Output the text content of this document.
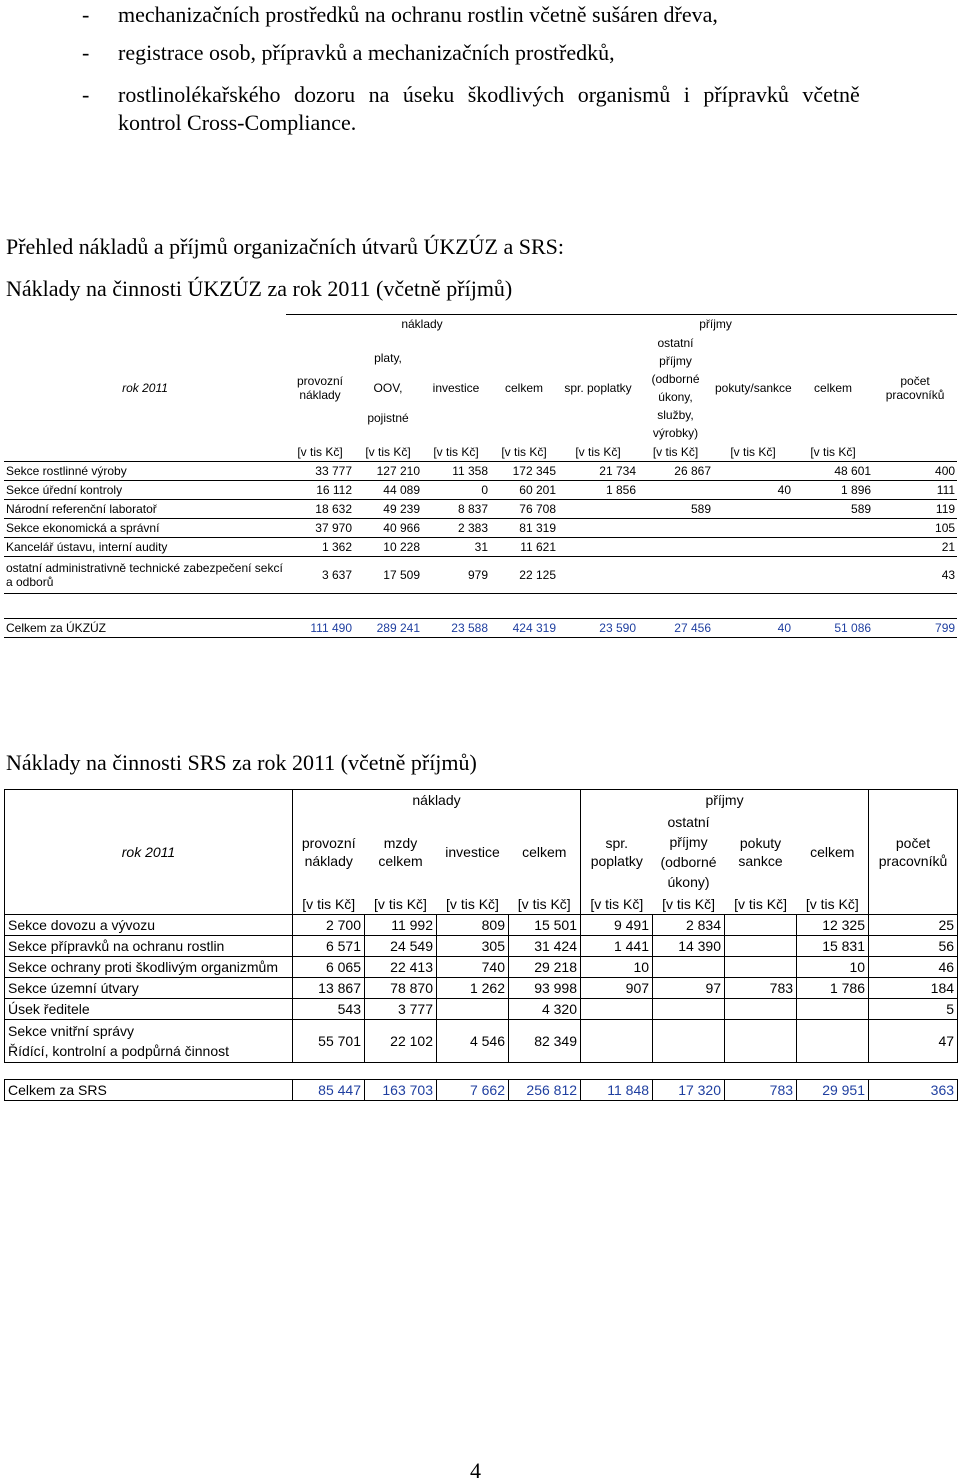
- mechanizačních prostředků na ochranu rostlin včetně sušáren dřeva,
- registrace osob, přípravků a mechanizačních prostředků,
- rostlinolékařského dozoru na úseku škodlivých organismů i přípravků včetně
kontrol Cross-Compliance.
Přehled nákladů a příjmů organizačních útvarů ÚKZÚZ a SRS:
Náklady na činnosti ÚKZÚZ za rok 2011 (včetně příjmů)
	náklady				příjmy				
rok 2011	provozní náklady	platy,
OOV,
pojistné	investice	celkem	spr. poplatky	ostatní příjmy (odborné úkony, služby, výrobky)	pokuty/sankce	celkem	počet pracovníků
	[v tis Kč]	[v tis Kč]	[v tis Kč]	[v tis Kč]	[v tis Kč]	[v tis Kč]	[v tis Kč]	[v tis Kč]	
Sekce rostlinné výroby	33 777	127 210	11 358	172 345	21 734	26 867		48 601	400
Sekce úřední kontroly	16 112	44 089	0	60 201	1 856		40	1 896	111
Národní referenční laboratoř	18 632	49 239	8 837	76 708		589		589	119
Sekce ekonomická a správní	37 970	40 966	2 383	81 319					105
Kancelář ústavu, interní audity	1 362	10 228	31	11 621					21
ostatní administrativně technické zabezpečení sekcí a odborů	3 637	17 509	979	22 125					43

Celkem za ÚKZÚZ	111 490	289 241	23 588	424 319	23 590	27 456	40	51 086	799
Náklady na činnosti SRS za rok 2011 (včetně příjmů)
	náklady				příjmy				
rok 2011	provozní náklady	mzdy celkem	investice	celkem	spr. poplatky	ostatní příjmy (odborné úkony)	pokuty sankce	celkem	počet pracovníků
	[v tis Kč]	[v tis Kč]	[v tis Kč]	[v tis Kč]	[v tis Kč]	[v tis Kč]	[v tis Kč]	[v tis Kč]	
Sekce dovozu a vývozu	2 700	11 992	809	15 501	9 491	2 834		12 325	25
Sekce přípravků na ochranu rostlin	6 571	24 549	305	31 424	1 441	14 390		15 831	56
Sekce ochrany proti škodlivým organizmům	6 065	22 413	740	29 218	10			10	46
Sekce územní útvary	13 867	78 870	1 262	93 998	907	97	783	1 786	184
Úsek ředitele	543	3 777		4 320					5

Sekce vnitřní správy
Řídící, kontrolní a podpůrná činnost	55 701	22 102	4 546	82 349					47

Celkem za SRS	85 447	163 703	7 662	256 812	11 848	17 320	783	29 951	363
4
